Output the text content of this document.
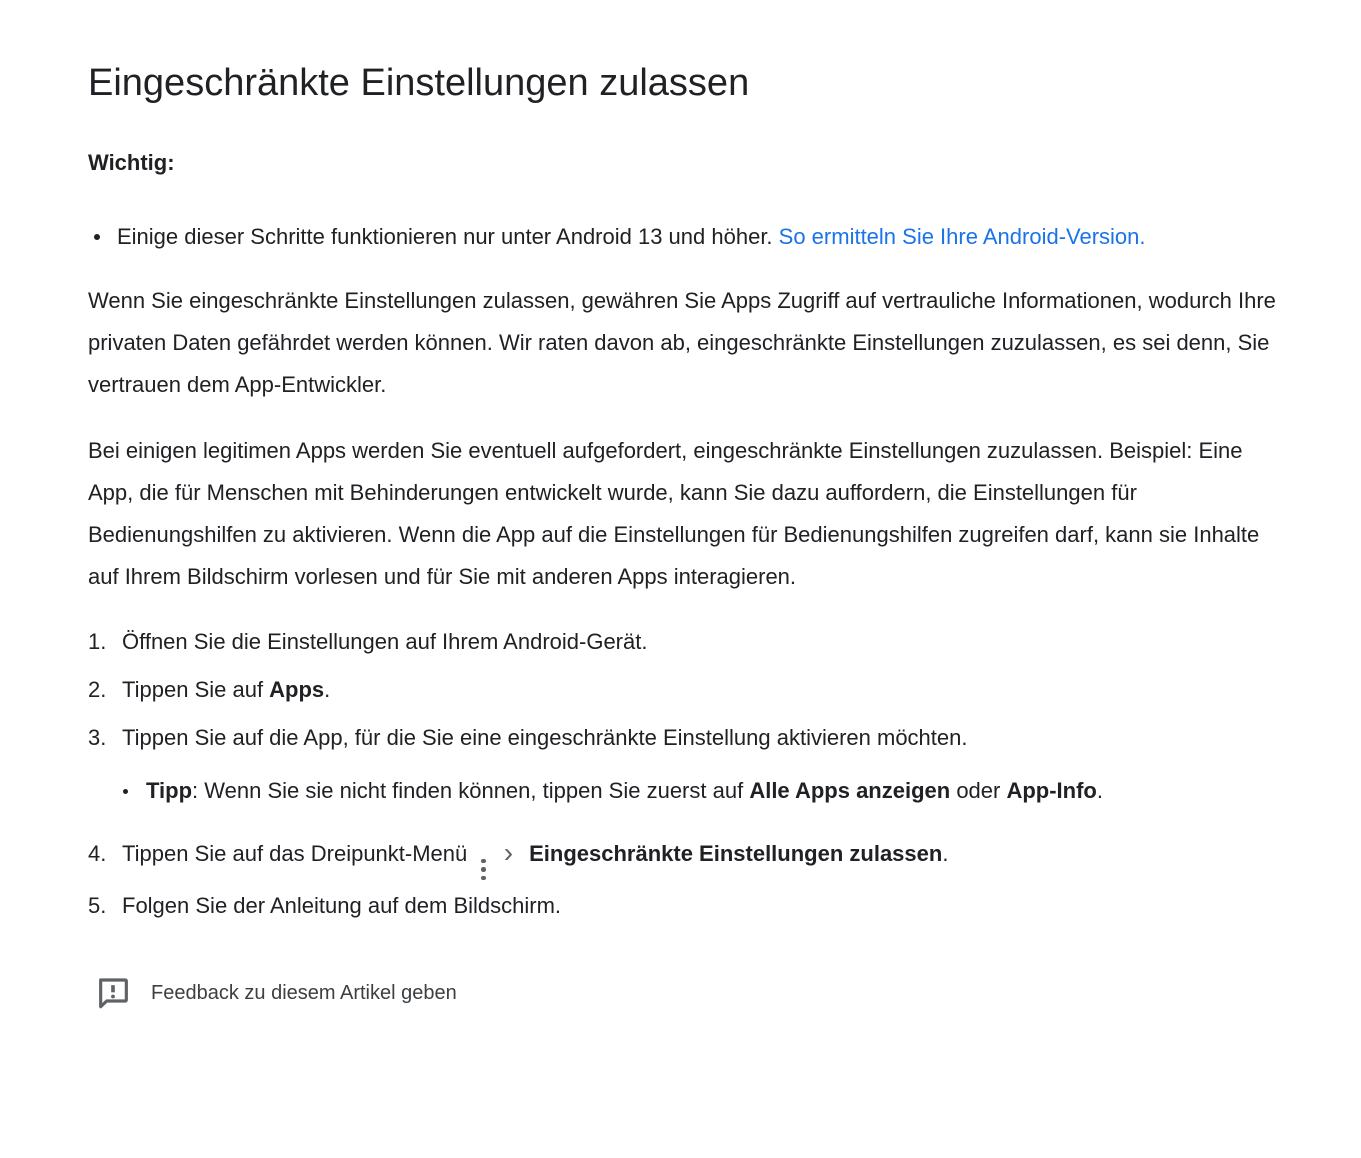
Eingeschränkte Einstellungen zulassen

Wichtig:

Einige dieser Schritte funktionieren nur unter Android 13 und höher. So ermitteln Sie Ihre Android-Version.

Wenn Sie eingeschränkte Einstellungen zulassen, gewähren Sie Apps Zugriff auf vertrauliche Informationen, wodurch Ihre privaten Daten gefährdet werden können. Wir raten davon ab, eingeschränkte Einstellungen zuzulassen, es sei denn, Sie vertrauen dem App-Entwickler.

Bei einigen legitimen Apps werden Sie eventuell aufgefordert, eingeschränkte Einstellungen zuzulassen. Beispiel: Eine App, die für Menschen mit Behinderungen entwickelt wurde, kann Sie dazu auffordern, die Einstellungen für Bedienungshilfen zu aktivieren. Wenn die App auf die Einstellungen für Bedienungshilfen zugreifen darf, kann sie Inhalte auf Ihrem Bildschirm vorlesen und für Sie mit anderen Apps interagieren.

1. Öffnen Sie die Einstellungen auf Ihrem Android-Gerät.
2. Tippen Sie auf Apps.
3. Tippen Sie auf die App, für die Sie eine eingeschränkte Einstellung aktivieren möchten.
Tipp: Wenn Sie sie nicht finden können, tippen Sie zuerst auf Alle Apps anzeigen oder App-Info.
4. Tippen Sie auf das Dreipunkt-Menü › Eingeschränkte Einstellungen zulassen.
5. Folgen Sie der Anleitung auf dem Bildschirm.
Feedback zu diesem Artikel geben
